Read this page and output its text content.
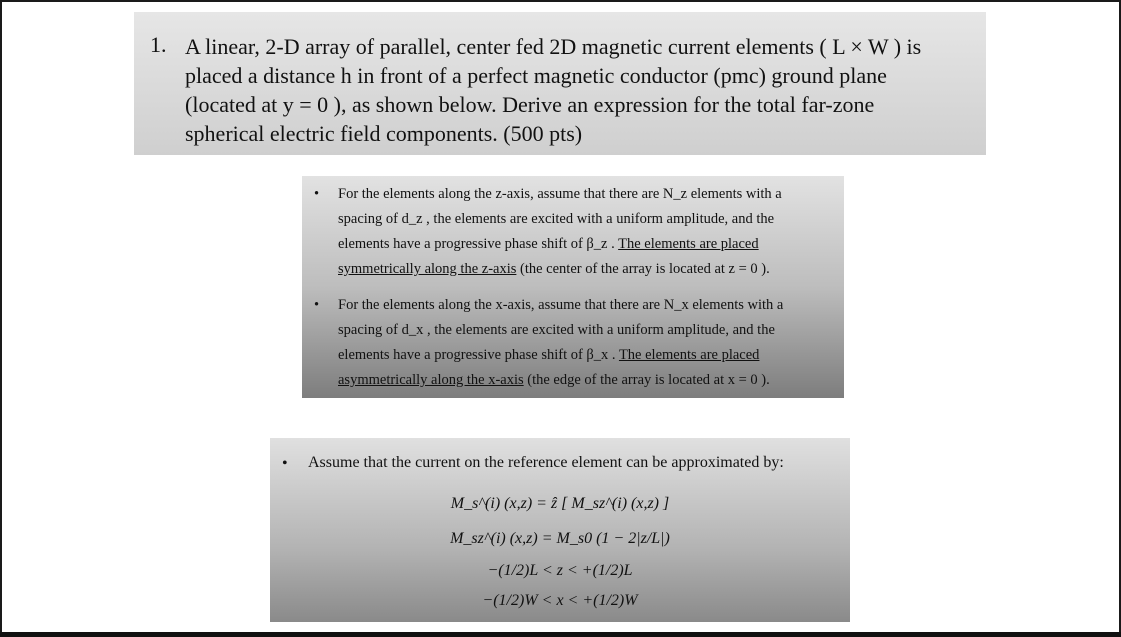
1. A linear, 2-D array of parallel, center fed 2D magnetic current elements ( L × W ) is
placed a distance h in front of a perfect magnetic conductor (pmc) ground plane
(located at y = 0 ), as shown below. Derive an expression for the total far-zone
spherical electric field components. (500 pts)
• For the elements along the z-axis, assume that there are N_z elements with a
spacing of d_z , the elements are excited with a uniform amplitude, and the
elements have a progressive phase shift of β_z . The elements are placed
symmetrically along the z-axis (the center of the array is located at z = 0 ).
• For the elements along the x-axis, assume that there are N_x elements with a
spacing of d_x , the elements are excited with a uniform amplitude, and the
elements have a progressive phase shift of β_x . The elements are placed
asymmetrically along the x-axis (the edge of the array is located at x = 0 ).
• Assume that the current on the reference element can be approximated by:
M_s^(i) (x,z) = ẑ [ M_sz^(i) (x,z) ]
M_sz^(i) (x,z) = M_s0 (1 − 2|z/L|)
−(1/2)L < z < +(1/2)L
−(1/2)W < x < +(1/2)W
